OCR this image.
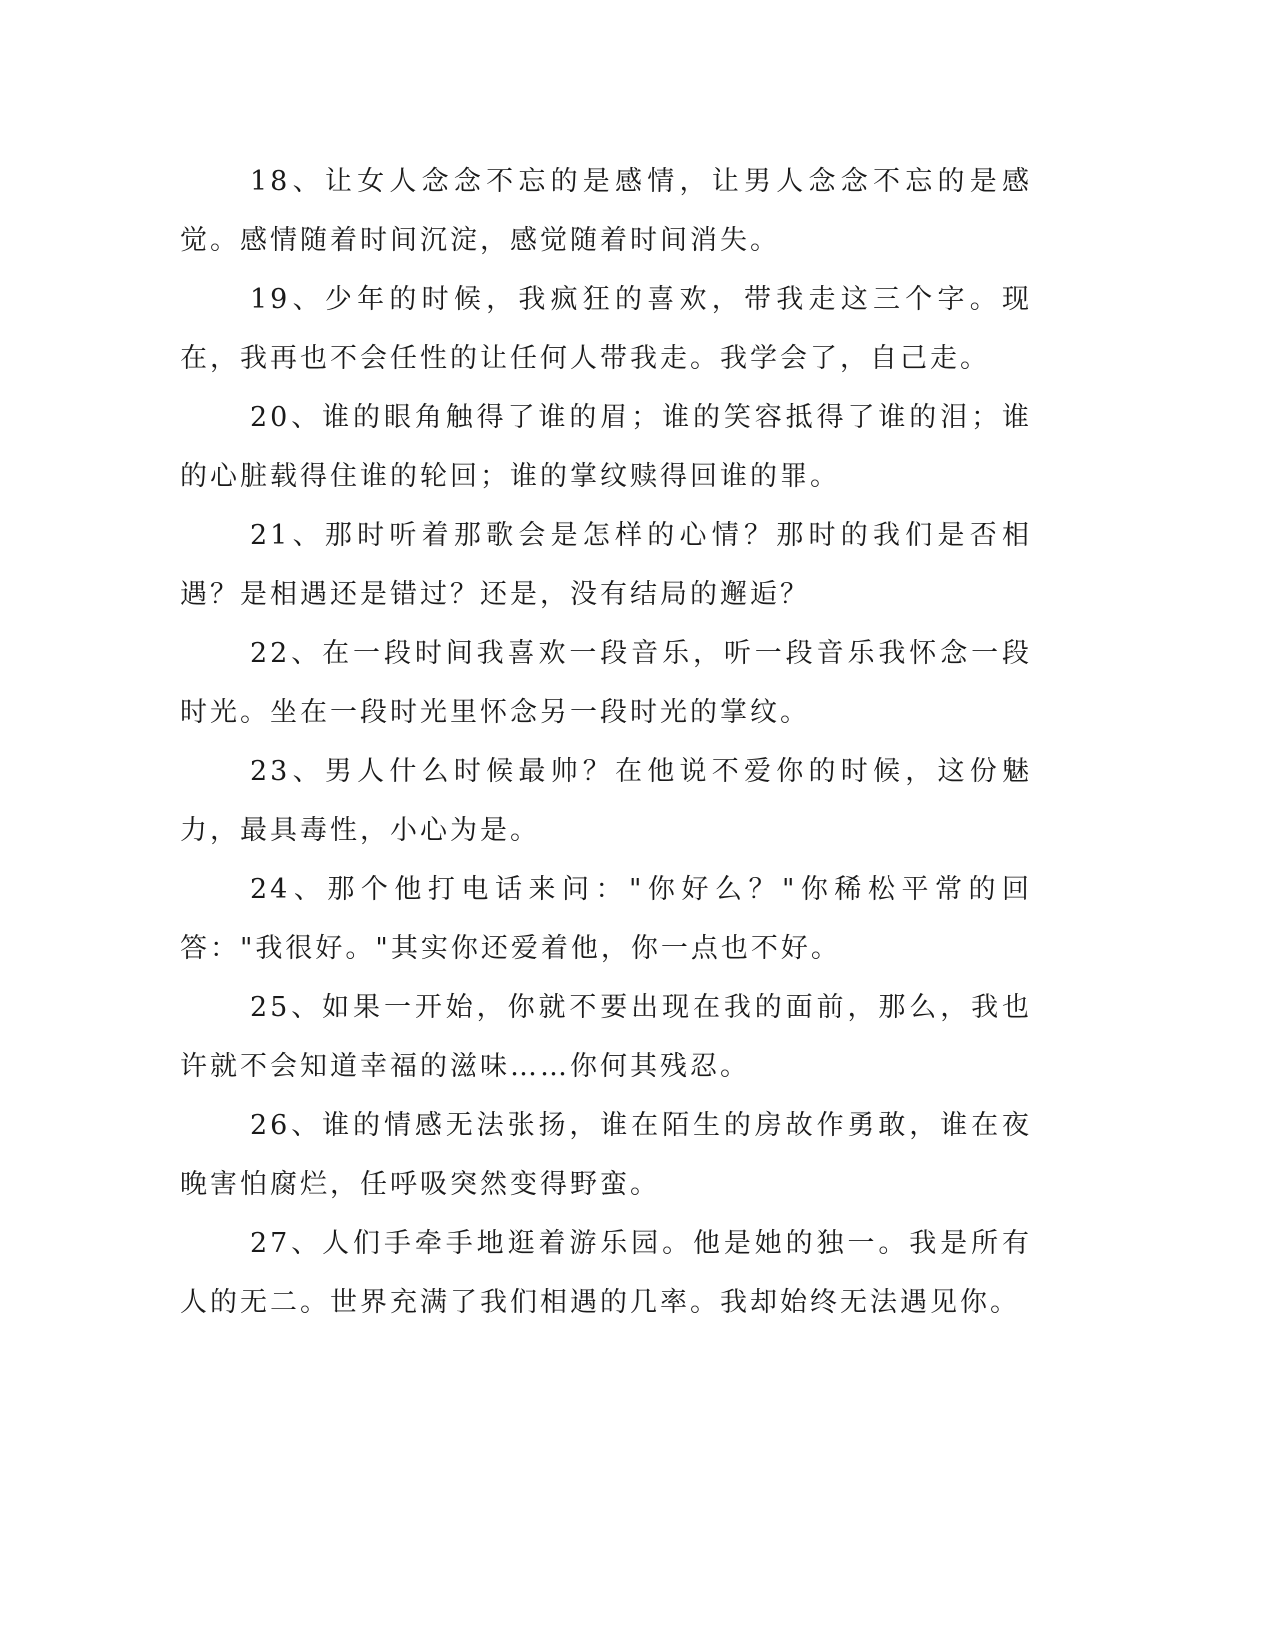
18、让女人念念不忘的是感情，让男人念念不忘的是感觉。感情随着时间沉淀，感觉随着时间消失。

19、少年的时候，我疯狂的喜欢，带我走这三个字。现在，我再也不会任性的让任何人带我走。我学会了，自己走。

20、谁的眼角触得了谁的眉；谁的笑容抵得了谁的泪；谁的心脏载得住谁的轮回；谁的掌纹赎得回谁的罪。

21、那时听着那歌会是怎样的心情？那时的我们是否相遇？是相遇还是错过？还是，没有结局的邂逅？

22、在一段时间我喜欢一段音乐，听一段音乐我怀念一段时光。坐在一段时光里怀念另一段时光的掌纹。

23、男人什么时候最帅？在他说不爱你的时候，这份魅力，最具毒性，小心为是。

24、那个他打电话来问："你好么？"你稀松平常的回答："我很好。"其实你还爱着他，你一点也不好。

25、如果一开始，你就不要出现在我的面前，那么，我也许就不会知道幸福的滋味……你何其残忍。

26、谁的情感无法张扬，谁在陌生的房故作勇敢，谁在夜晚害怕腐烂，任呼吸突然变得野蛮。

27、人们手牵手地逛着游乐园。他是她的独一。我是所有人的无二。世界充满了我们相遇的几率。我却始终无法遇见你。
